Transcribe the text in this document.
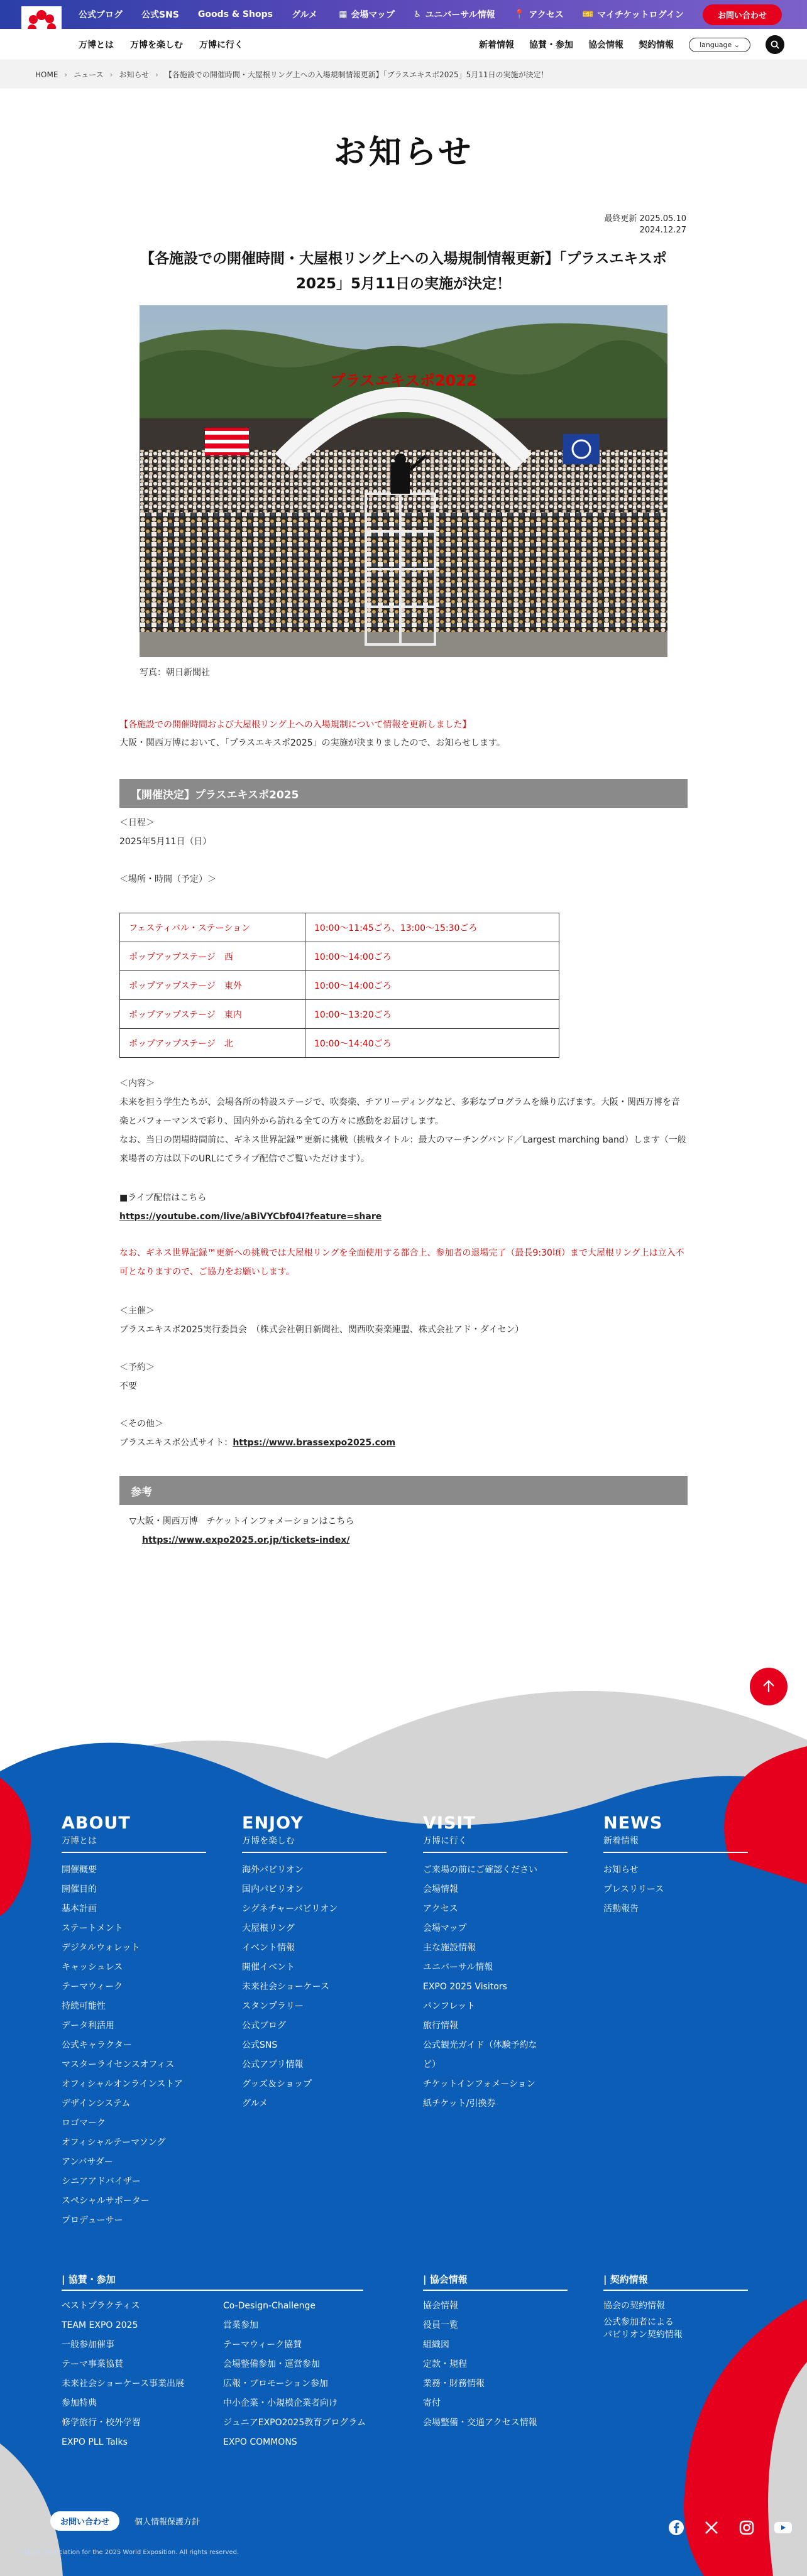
公式ブログ 公式SNS Goods & Shops グルメ ▦ 会場マップ ♿ ユニバーサル情報 📍 アクセス 🎫 マイチケットログイン	お問い合わせ
万博とは 万博を楽しむ 万博に行く	新着情報 協賛・参加 協会情報 契約情報	language ⌄
HOME › ニュース › お知らせ › 【各施設での開催時間・大屋根リング上への入場規制情報更新】「プラスエキスポ2025」5月11日の実施が決定！
お知らせ
最終更新 2025.05.10
2024.12.27
【各施設での開催時間・大屋根リング上への入場規制情報更新】「プラスエキスポ2025」5月11日の実施が決定！
プラスエキスポ2022
写真：朝日新聞社
【各施設での開催時間および大屋根リング上への入場規制について情報を更新しました】
大阪・関西万博において、「プラスエキスポ2025」の実施が決まりましたので、お知らせします。
【開催決定】プラスエキスポ2025
＜日程＞
2025年5月11日（日）
＜場所・時間（予定）＞
フェスティバル・ステーション	10:00〜11:45ごろ、13:00〜15:30ごろ
ポップアップステージ　西	10:00〜14:00ごろ
ポップアップステージ　東外	10:00〜14:00ごろ
ポップアップステージ　東内	10:00〜13:20ごろ
ポップアップステージ　北	10:00〜14:40ごろ
＜内容＞
未来を担う学生たちが、会場各所の特設ステージで、吹奏楽、チアリーディングなど、多彩なプログラムを繰り広げます。大阪・関西万博を音楽とパフォーマンスで彩り、国内外から訪れる全ての方々に感動をお届けします。
なお、当日の閉場時間前に、ギネス世界記録™更新に挑戦（挑戦タイトル：最大のマーチングバンド／Largest marching band）します（一般来場者の方は以下のURLにてライブ配信でご覧いただけます）。
■ライブ配信はこちら
https://youtube.com/live/aBiVYCbf04I?feature=share
なお、ギネス世界記録™更新への挑戦では大屋根リングを全面使用する都合上、参加者の退場完了（最長9:30頃）まで大屋根リング上は立入不可となりますので、ご協力をお願いします。
＜主催＞
プラスエキスポ2025実行委員会　（株式会社朝日新聞社、関西吹奏楽連盟、株式会社アド・ダイセン）
＜予約＞
不要
＜その他＞
プラスエキスポ公式サイト：https://www.brassexpo2025.com
参考
▽大阪・関西万博　チケットインフォメーションはこちら
https://www.expo2025.or.jp/tickets-index/
ABOUT
万博とは
開催概要
開催目的
基本計画
ステートメント
デジタルウォレット
キャッシュレス
テーマウィーク
持続可能性
データ利活用
公式キャラクター
マスターライセンスオフィス
オフィシャルオンラインストア
デザインシステム
ロゴマーク
オフィシャルテーマソング
アンバサダー
シニアアドバイザー
スペシャルサポーター
プロデューサー
ENJOY
万博を楽しむ
海外パビリオン
国内パビリオン
シグネチャーパビリオン
大屋根リング
イベント情報
開催イベント
未来社会ショーケース
スタンプラリー
公式ブログ
公式SNS
公式アプリ情報
グッズ＆ショップ
グルメ
VISIT
万博に行く
ご来場の前にご確認ください
会場情報
アクセス
会場マップ
主な施設情報
ユニバーサル情報
EXPO 2025 Visitors
パンフレット
旅行情報
公式観光ガイド（体験予約など）
チケットインフォメーション
紙チケット/引換券
NEWS
新着情報
お知らせ
プレスリリース
活動報告
| 協賛・参加
ベストプラクティス
TEAM EXPO 2025
一般参加催事
テーマ事業協賛
未来社会ショーケース事業出展
参加特典
修学旅行・校外学習
EXPO PLL Talks
Co-Design-Challenge
営業参加
テーマウィーク協賛
会場整備参加・運営参加
広報・プロモーション参加
中小企業・小規模企業者向け
ジュニアEXPO2025教育プログラム
EXPO COMMONS
| 協会情報
協会情報
役員一覧
組織図
定款・規程
業務・財務情報
寄付
会場整備・交通アクセス情報
| 契約情報
協会の契約情報
公式参加者による
パビリオン契約情報
お問い合わせ	個人情報保護方針
© Japan Association for the 2025 World Exposition. All rights reserved.
